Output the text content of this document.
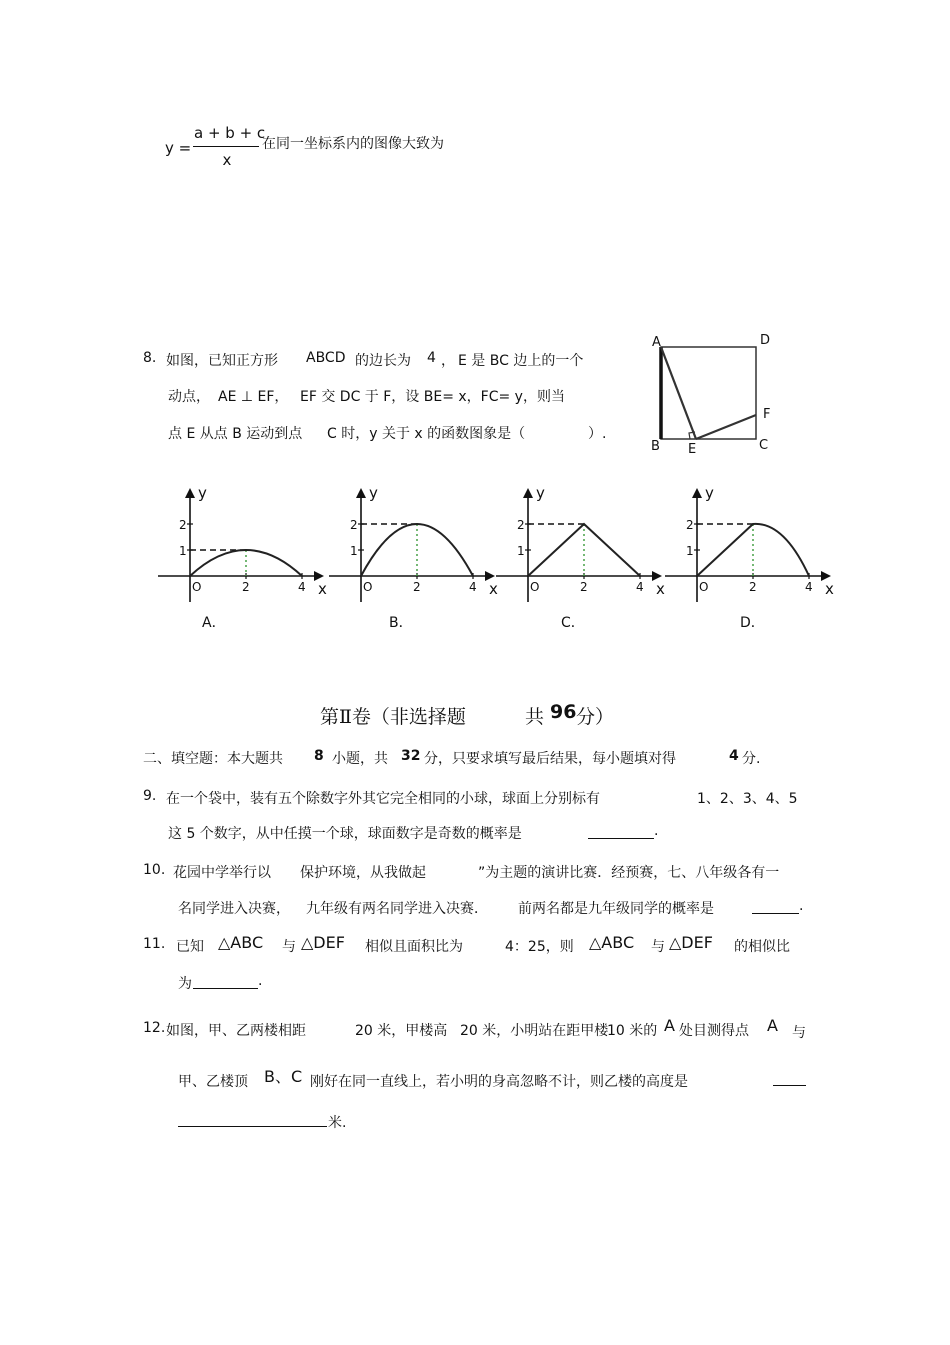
y =
a + b + c
x
在同一坐标系内的图像大致为
8. 如图，已知正方形 ABCD 的边长为 4 ， E 是 BC 边上的一个
动点， AE ⊥ EF， EF 交 DC 于 F，设 BE= x，FC= y，则当
点 E 从点 B 运动到点 C 时，y 关于 x 的函数图象是（	）.
A	D
B E	C
F
y
2
1
O	2	4 x
A．
y
2
1
O	2	4 x
B．
y
2
1
O	2	4 x
C．
y
2
1
O	2	4 x
D．
第Ⅱ卷（非选择题	共 96 分）
二、填空题：本大题共 8 小题，共 32 分，只要求填写最后结果，每小题填对得	4 分.
9. 在一个袋中，装有五个除数字外其它完全相同的小球，球面上分别标有	1、2、3、4、5
这 5 个数字，从中任摸一个球，球面数字是奇数的概率是	.
10. 花园中学举行以 保护环境，从我做起	”为主题的演讲比赛．经预赛，七、八年级各有一
名同学进入决赛， 九年级有两名同学进入决赛． 前两名都是九年级同学的概率是	.
11. 已知 △ABC 与 △DEF 相似且面积比为	4：25，则 △ABC 与 △DEF 的相似比
为	.
12. 如图，甲、乙两楼相距	20 米，甲楼高 20 米，小明站在距甲楼
10 米的 A 处目测得点 A 与
甲、乙楼顶 B、C 刚好在同一直线上，若小明的身高忽略不计，则乙楼的高度是
米.
